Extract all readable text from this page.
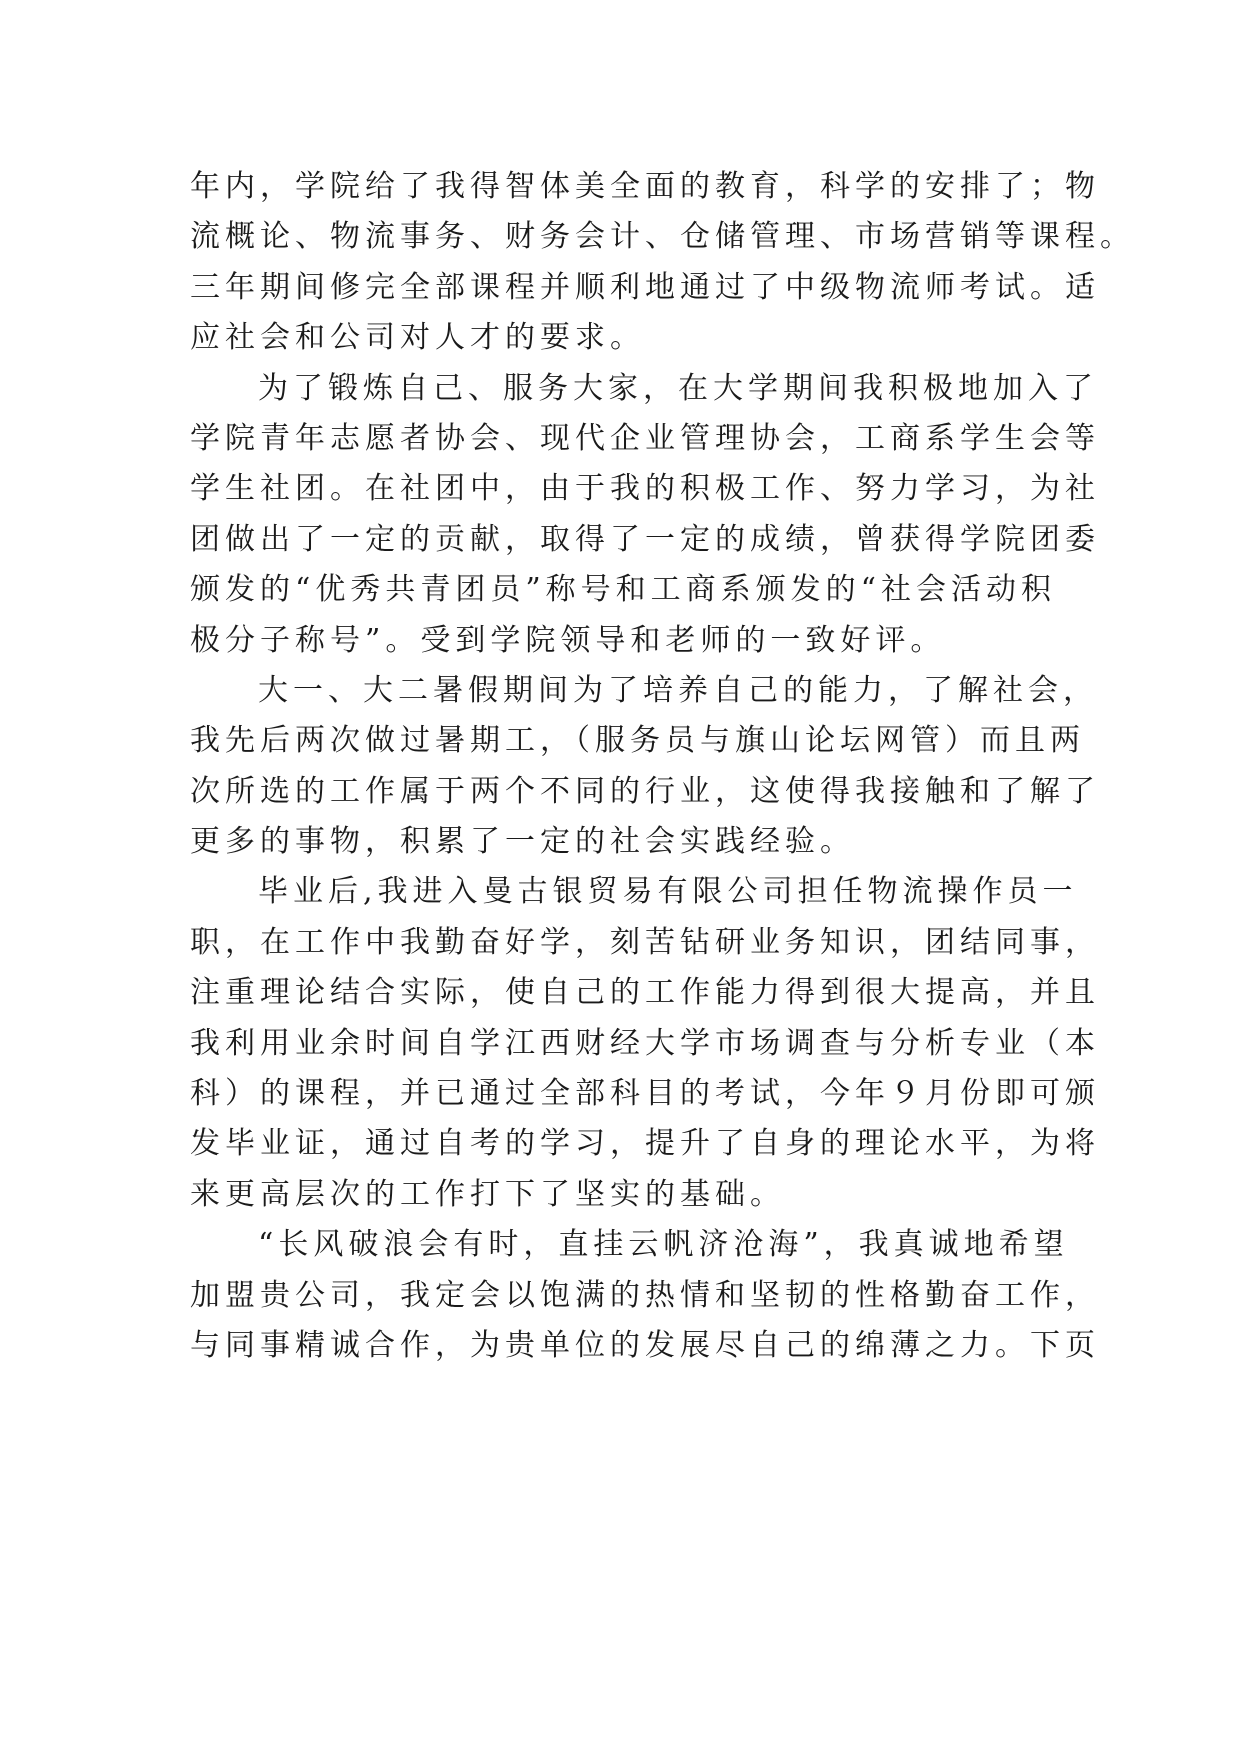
年内，学院给了我得智体美全面的教育，科学的安排了；物
流概论、物流事务、财务会计、仓储管理、市场营销等课程。
三年期间修完全部课程并顺利地通过了中级物流师考试。适
应社会和公司对人才的要求。
为了锻炼自己、服务大家，在大学期间我积极地加入了
学院青年志愿者协会、现代企业管理协会，工商系学生会等
学生社团。在社团中，由于我的积极工作、努力学习，为社
团做出了一定的贡献，取得了一定的成绩，曾获得学院团委
颁发的“优秀共青团员”称号和工商系颁发的“社会活动积
极分子称号”。受到学院领导和老师的一致好评。
大一、大二暑假期间为了培养自己的能力，了解社会，
我先后两次做过暑期工，（服务员与旗山论坛网管）而且两
次所选的工作属于两个不同的行业，这使得我接触和了解了
更多的事物，积累了一定的社会实践经验。
毕业后,我进入曼古银贸易有限公司担任物流操作员一
职，在工作中我勤奋好学，刻苦钻研业务知识，团结同事，
注重理论结合实际，使自己的工作能力得到很大提高，并且
我利用业余时间自学江西财经大学市场调查与分析专业（本
科）的课程，并已通过全部科目的考试，今年９月份即可颁
发毕业证，通过自考的学习，提升了自身的理论水平，为将
来更高层次的工作打下了坚实的基础。
“长风破浪会有时，直挂云帆济沧海”，我真诚地希望
加盟贵公司，我定会以饱满的热情和坚韧的性格勤奋工作，
与同事精诚合作，为贵单位的发展尽自己的绵薄之力。下页
